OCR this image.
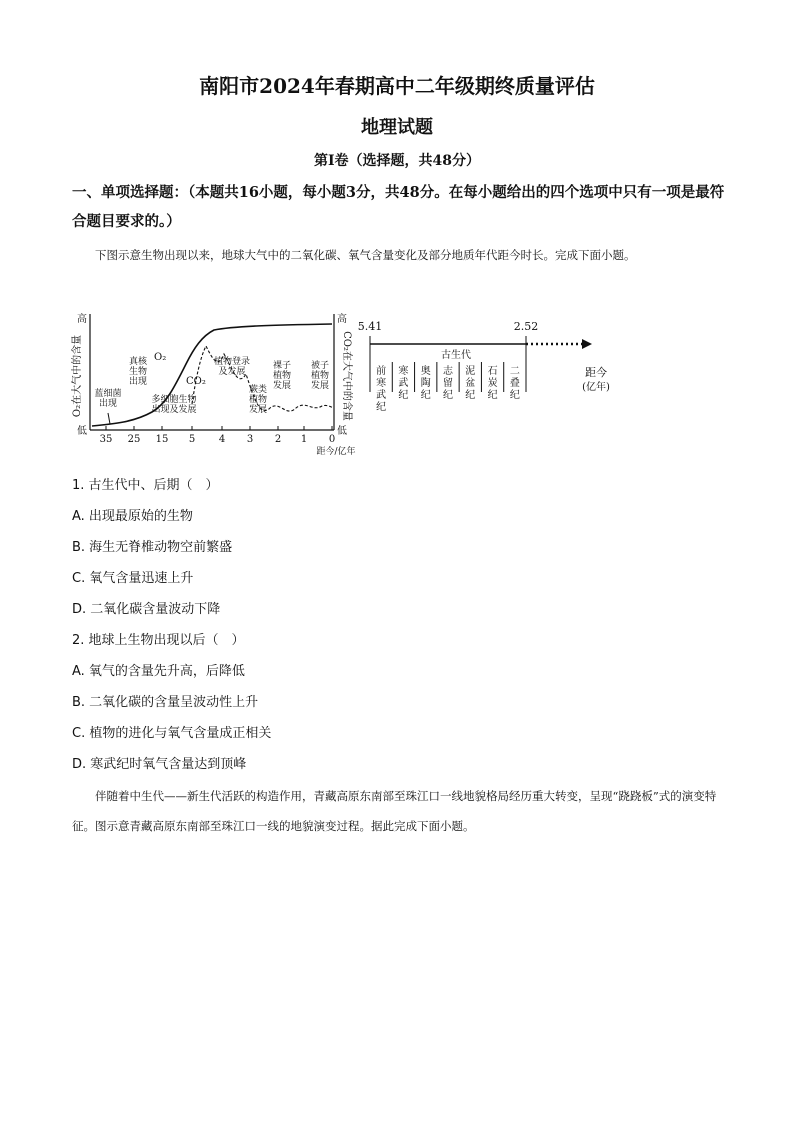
南阳市2024年春期高中二年级期终质量评估
地理试题
第Ⅰ卷（选择题，共48分）
一、单项选择题：（本题共16小题，每小题3分，共48分。在每小题给出的四个选项中只有一项是最符合题目要求的。）
下图示意生物出现以来，地球大气中的二氧化碳、氧气含量变化及部分地质年代距今时长。完成下面小题。
高
低
O₂在大气中的含量
高
低
CO₂在大气中的含量
35 25 15 5 4 3 2 1 0
距今/亿年
O₂
CO₂
蓝细菌
出现
真核
生物
出现
多细胞生物
出现及发展
植物登录
及发展
蕨类
植物
发展
裸子
植物
发展
被子
植物
发展
5.41	2.52
古生代
前
寒
武
纪
寒
武
纪
奥
陶
纪
志
留
纪
泥
盆
纪
石
炭
纪
二
叠
纪
距今
(亿年)
1. 古生代中、后期（　）
A. 出现最原始的生物
B. 海生无脊椎动物空前繁盛
C. 氧气含量迅速上升
D. 二氧化碳含量波动下降
2. 地球上生物出现以后（　）
A. 氧气的含量先升高，后降低
B. 二氧化碳的含量呈波动性上升
C. 植物的进化与氧气含量成正相关
D. 寒武纪时氧气含量达到顶峰
伴随着中生代——新生代活跃的构造作用，青藏高原东南部至珠江口一线地貌格局经历重大转变，呈现“跷跷板”式的演变特征。图示意青藏高原东南部至珠江口一线的地貌演变过程。据此完成下面小题。
